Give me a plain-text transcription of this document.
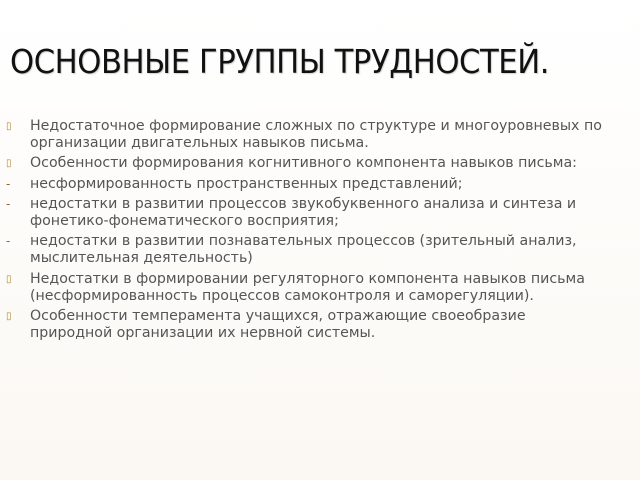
ОСНОВНЫЕ ГРУППЫ ТРУДНОСТЕЙ.
▯	Недостаточное формирование сложных по структуре и многоуровневых по организации двигательных навыков письма.
▯	Особенности формирования когнитивного компонента навыков письма:
-	несформированность пространственных представлений;
-	недостатки в развитии процессов звукобуквенного анализа и синтеза и фонетико-фонематического восприятия;
-	недостатки в развитии познавательных процессов (зрительный анализ, мыслительная деятельность)
▯	Недостатки в формировании регуляторного компонента навыков письма (несформированность процессов самоконтроля и саморегуляции).
▯	Особенности темперамента учащихся, отражающие своеобразие природной организации их нервной системы.
